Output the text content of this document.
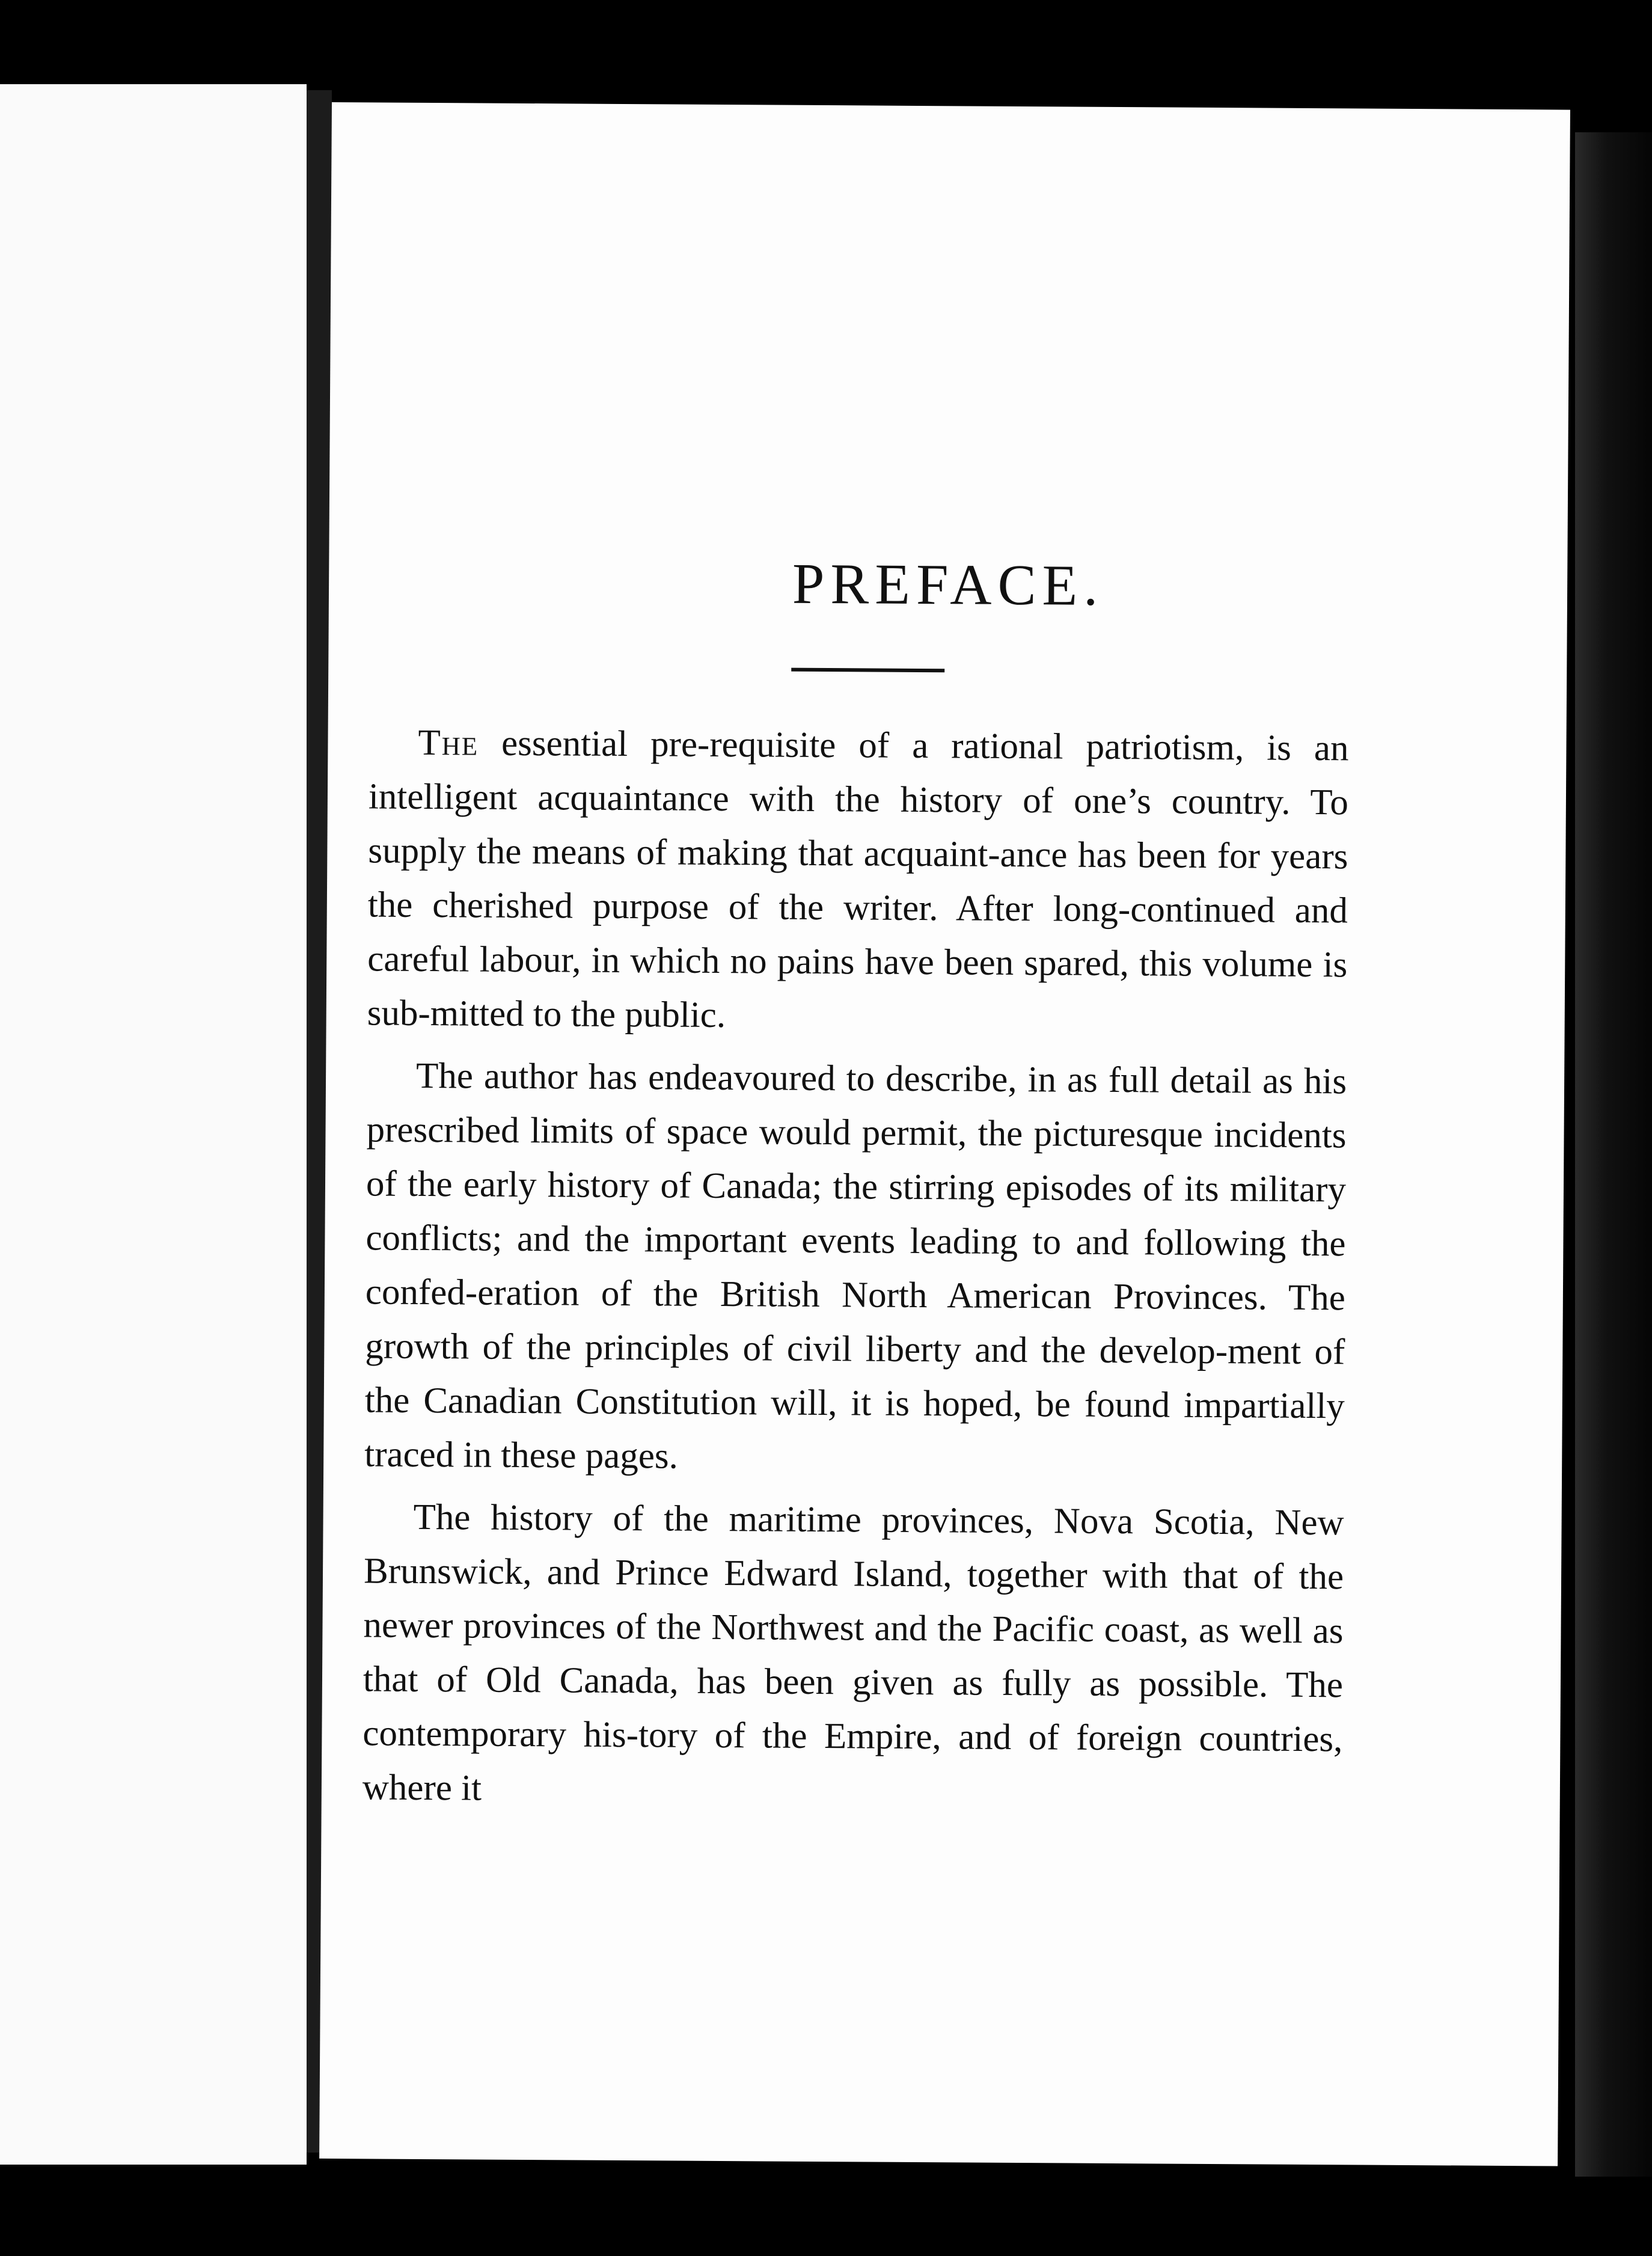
PREFACE.

The essential pre-requisite of a rational patriotism, is an intelligent acquaintance with the history of one’s country. To supply the means of making that acquaint-ance has been for years the cherished purpose of the writer. After long-continued and careful labour, in which no pains have been spared, this volume is sub-mitted to the public.

The author has endeavoured to describe, in as full detail as his prescribed limits of space would permit, the picturesque incidents of the early history of Canada; the stirring episodes of its military conflicts; and the important events leading to and following the confed-eration of the British North American Provinces. The growth of the principles of civil liberty and the develop-ment of the Canadian Constitution will, it is hoped, be found impartially traced in these pages.

The history of the maritime provinces, Nova Scotia, New Brunswick, and Prince Edward Island, together with that of the newer provinces of the Northwest and the Pacific coast, as well as that of Old Canada, has been given as fully as possible. The contemporary his-tory of the Empire, and of foreign countries, where it
